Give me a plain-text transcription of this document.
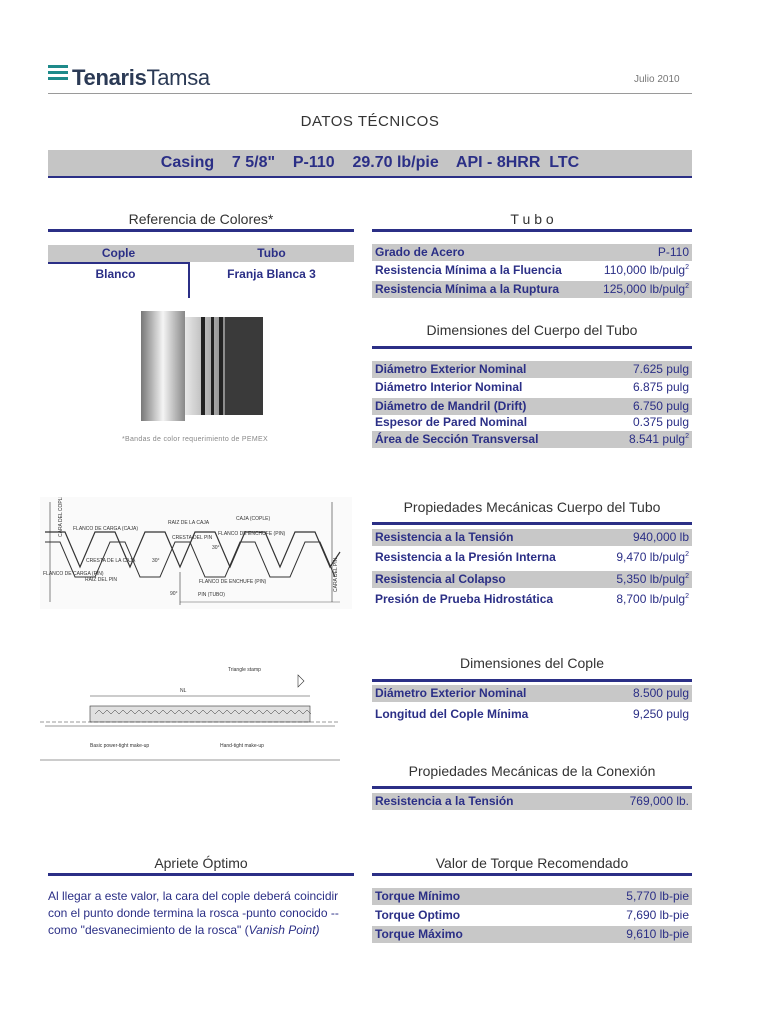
TenarisTamsa	Julio 2010
DATOS TÉCNICOS
Casing    7 5/8"    P-110    29.70 lb/pie    API - 8HRR  LTC
Referencia de Colores*
Cople	Tubo
Blanco	Franja Blanca 3
*Bandas de color requerimiento de PEMEX
T u b o
Grado de Acero	P-110
Resistencia Mínima a la Fluencia	110,000 lb/pulg$^2$
Resistencia Mínima a la Ruptura	125,000 lb/pulg$^2$
Dimensiones del Cuerpo del Tubo
Diámetro Exterior Nominal	7.625 pulg
Diámetro Interior Nominal	6.875 pulg
Diámetro de Mandril (Drift)	6.750 pulg
Espesor de Pared Nominal	0.375 pulg
Área de Sección Transversal	8.541 pulg$^2$
CAJA (COPLE)
RAIZ DE LA CAJA
CRESTA DEL PIN
FLANCO DE CARGA (CAJA)
FLANCO DE ENCHUFE (PIN)
CRESTA DE LA CAJA
FLANCO DE CARGA (PIN)
RAIZ DEL PIN	FLANCO DE ENCHUFE (PIN)
PIN (TUBO)
CARA DEL COPLE
CARA DEL PIN
30°
30°
90°
Propiedades Mecánicas Cuerpo del Tubo
Resistencia a la Tensión	940,000 lb
Resistencia a la Presión Interna	9,470 lb/pulg$^2$
Resistencia al Colapso	5,350 lb/pulg$^2$
Presión de Prueba Hidrostática	8,700 lb/pulg$^2$
Triangle stamp
NL
Basic power-tight make-up	Hand-tight make-up
Dimensiones del Cople
Diámetro Exterior Nominal	8.500 pulg
Longitud del Cople Mínima	9,250 pulg
Propiedades Mecánicas de la Conexión
Resistencia a la Tensión	769,000 lb.
Apriete Óptimo
Al llegar a este valor, la cara del cople deberá coincidir
con el punto donde termina la rosca -punto conocido --
como "desvanecimiento de la rosca" (Vanish Point)
Valor de Torque Recomendado
Torque Mínimo	5,770 lb-pie
Torque Optimo	7,690 lb-pie
Torque Máximo	9,610 lb-pie
